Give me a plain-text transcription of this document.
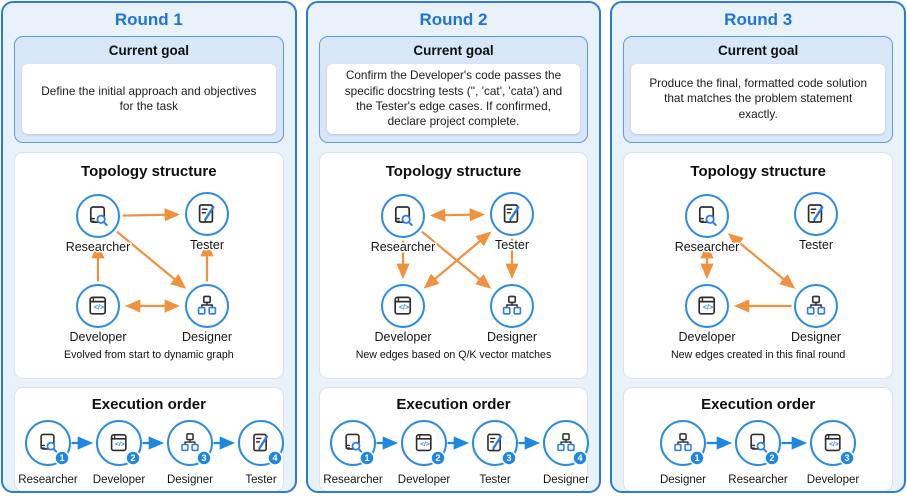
Round 1
Current goal
Define the initial approach and objectives for the task
Topology structure
</>
Researcher	Tester
Developer	Designer
Evolved from start to dynamic graph
Execution order
1
Researcher
</>
2
Developer
3
Designer
4
Tester
Round 2
Current goal
Confirm the Developer's code passes the specific docstring tests ('', 'cat', 'cata') and the Tester's edge cases. If confirmed, declare project complete.
Topology structure
</>
Researcher	Tester
Developer	Designer
New edges based on Q/K vector matches
Execution order
1
Researcher
</>
2
Developer
3
Tester
4
Designer
Round 3
Current goal
Produce the final, formatted code solution that matches the problem statement exactly.
Topology structure
</>
Researcher	Tester
Developer	Designer
New edges created in this final round
Execution order
1
Designer
2
Researcher
</>
3
Developer
